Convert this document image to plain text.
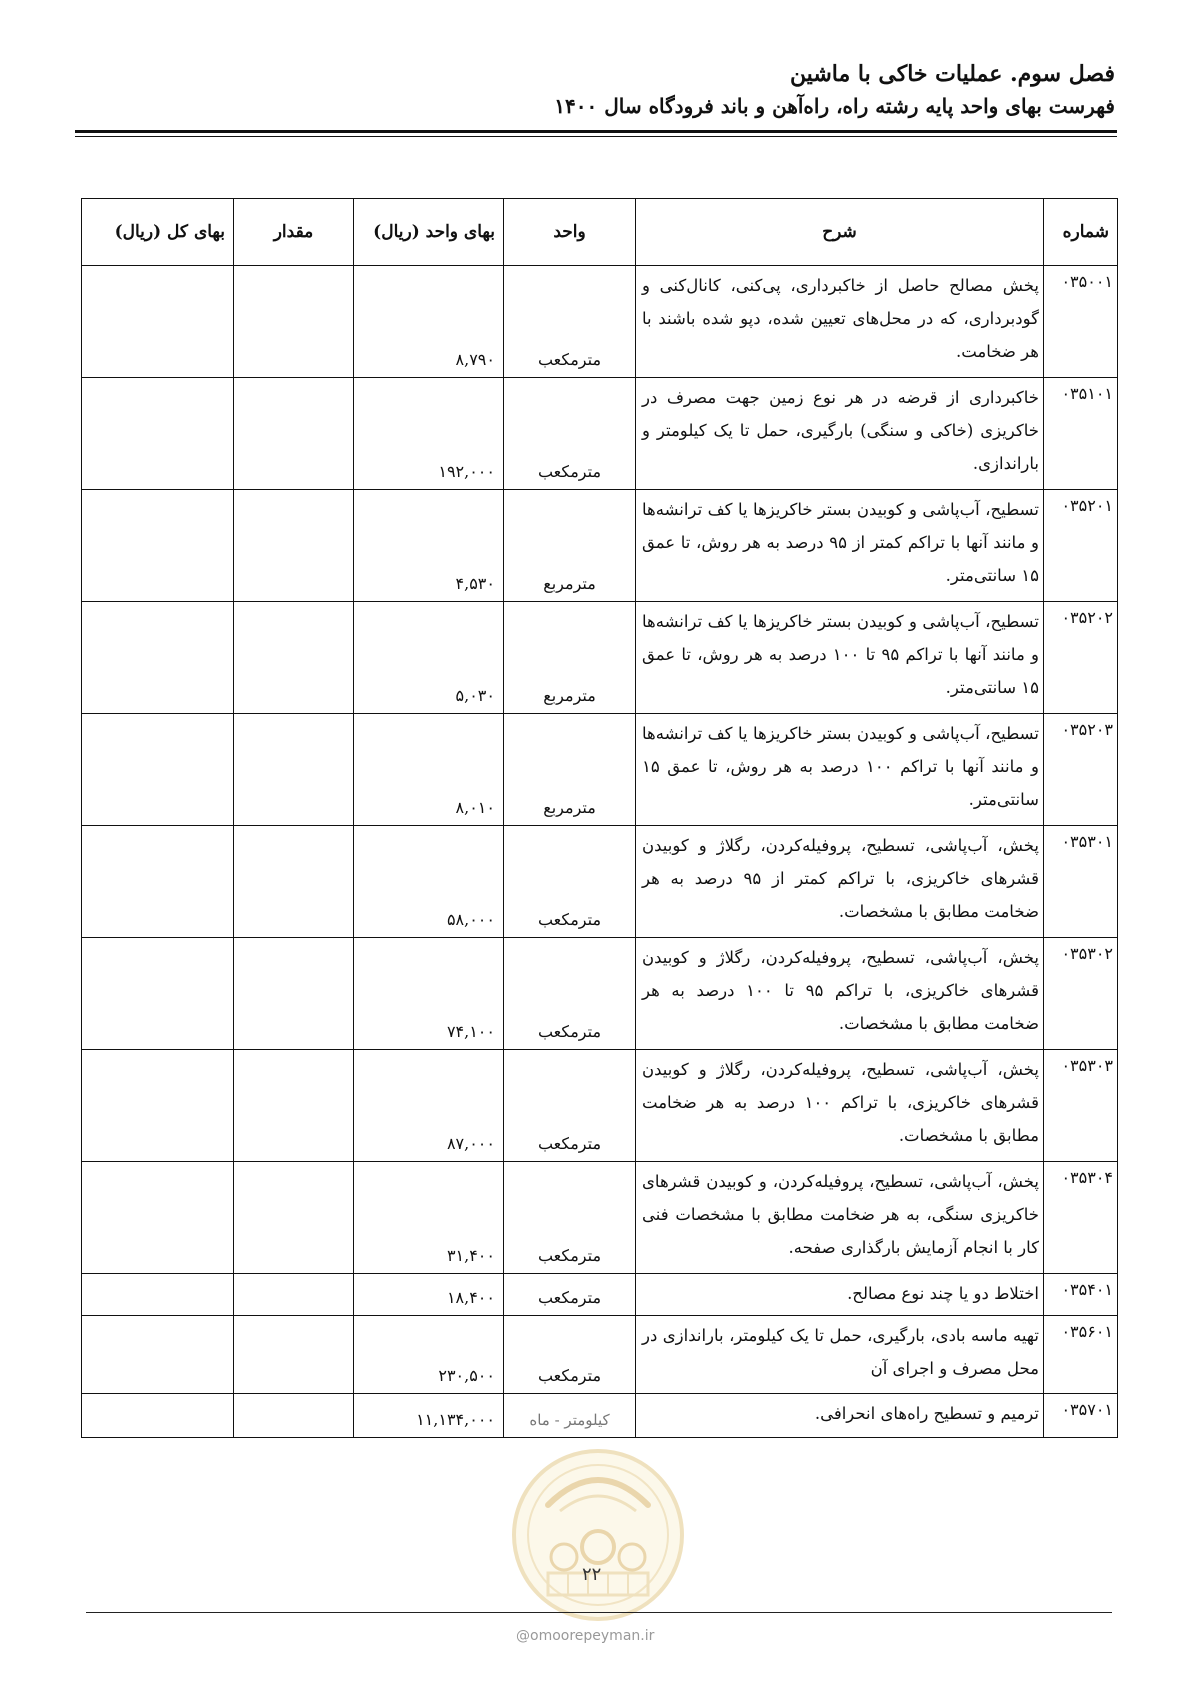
فصل سوم. عملیات خاکی با ماشین
فهرست بهای واحد پایه رشته راه، راه‌آهن و باند فرودگاه سال ۱۴۰۰
شماره	شرح	واحد	بهای واحد (ریال)	مقدار	بهای کل (ریال)
۰۳۵۰۰۱	پخش مصالح حاصل از خاکبرداری، پی‌کنی، کانال‌کنی و گودبرداری، که در محل‌های تعیین شده، دپو شده باشند با هر ضخامت.	مترمکعب	۸,۷۹۰		
۰۳۵۱۰۱	خاکبرداری از قرضه در هر نوع زمین جهت مصرف در خاکریزی (خاکی و سنگی) بارگیری، حمل تا یک کیلومتر و باراندازی.	مترمکعب	۱۹۲,۰۰۰		
۰۳۵۲۰۱	تسطیح، آب‌پاشی و کوبیدن بستر خاکریزها یا کف ترانشه‌ها و مانند آنها با تراکم کمتر از ۹۵ درصد به هر روش، تا عمق ۱۵ سانتی‌متر.	مترمربع	۴,۵۳۰		
۰۳۵۲۰۲	تسطیح، آب‌پاشی و کوبیدن بستر خاکریزها یا کف ترانشه‌ها و مانند آنها با تراکم ۹۵ تا ۱۰۰ درصد به هر روش، تا عمق ۱۵ سانتی‌متر.	مترمربع	۵,۰۳۰		
۰۳۵۲۰۳	تسطیح، آب‌پاشی و کوبیدن بستر خاکریزها یا کف ترانشه‌ها و مانند آنها با تراکم ۱۰۰ درصد به هر روش، تا عمق ۱۵ سانتی‌متر.	مترمربع	۸,۰۱۰		
۰۳۵۳۰۱	پخش، آب‌پاشی، تسطیح، پروفیله‌کردن، رگلاژ و کوبیدن قشرهای خاکریزی، با تراکم کمتر از ۹۵ درصد به هر ضخامت مطابق با مشخصات.	مترمکعب	۵۸,۰۰۰		
۰۳۵۳۰۲	پخش، آب‌پاشی، تسطیح، پروفیله‌کردن، رگلاژ و کوبیدن قشرهای خاکریزی، با تراکم ۹۵ تا ۱۰۰ درصد به هر ضخامت مطابق با مشخصات.	مترمکعب	۷۴,۱۰۰		
۰۳۵۳۰۳	پخش، آب‌پاشی، تسطیح، پروفیله‌کردن، رگلاژ و کوبیدن قشرهای خاکریزی، با تراکم ۱۰۰ درصد به هر ضخامت مطابق با مشخصات.	مترمکعب	۸۷,۰۰۰		
۰۳۵۳۰۴	پخش، آب‌پاشی، تسطیح، پروفیله‌کردن، و کوبیدن قشرهای خاکریزی سنگی، به هر ضخامت مطابق با مشخصات فنی کار با انجام آزمایش بارگذاری صفحه.	مترمکعب	۳۱,۴۰۰		
۰۳۵۴۰۱	اختلاط دو یا چند نوع مصالح.	مترمکعب	۱۸,۴۰۰		
۰۳۵۶۰۱	تهیه ماسه بادی، بارگیری، حمل تا یک کیلومتر، باراندازی در محل مصرف و اجرای آن	مترمکعب	۲۳۰,۵۰۰		
۰۳۵۷۰۱	ترمیم و تسطیح راه‌های انحرافی.	کیلومتر - ماه	۱۱,۱۳۴,۰۰۰		
۲۲
@omoorepeyman.ir
